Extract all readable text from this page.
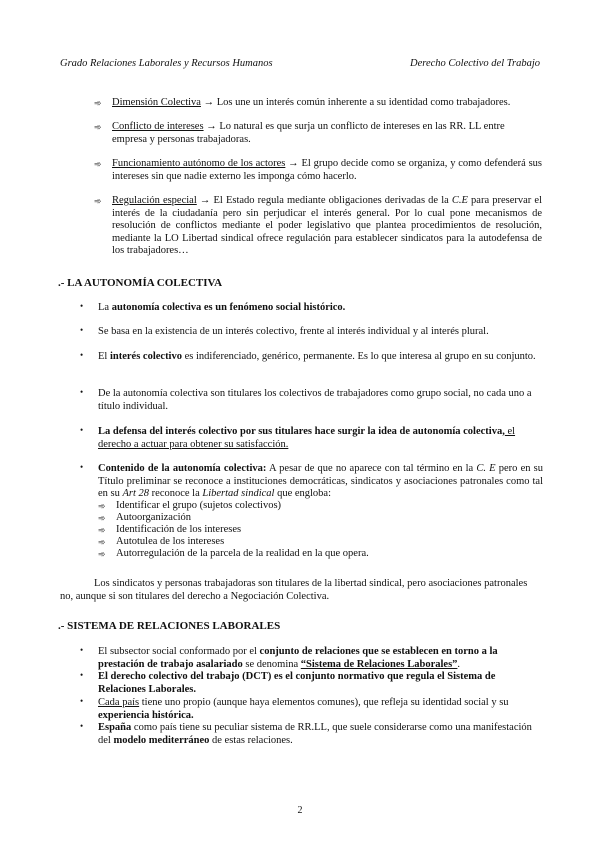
Grado Relaciones Laborales y Recursos Humanos	Derecho Colectivo del Trabajo
➾ Dimensión Colectiva → Los une un interés común inherente a su identidad como trabajadores.
➾ Conflicto de intereses → Lo natural es que surja un conflicto de intereses en las RR. LL entre empresa y personas trabajadoras.
➾ Funcionamiento autónomo de los actores → El grupo decide como se organiza, y como defenderá sus intereses sin que nadie externo les imponga cómo hacerlo.
➾ Regulación especial → El Estado regula mediante obligaciones derivadas de la C.E para preservar el interés de la ciudadanía pero sin perjudicar el interés general. Por lo cual pone mecanismos de resolución de conflictos mediante el poder legislativo que plantea procedimientos de resolución, mediante la LO Libertad sindical ofrece regulación para establecer sindicatos para la autodefensa de los trabajadores…
.- LA AUTONOMÍA COLECTIVA
• La autonomía colectiva es un fenómeno social histórico.
• Se basa en la existencia de un interés colectivo, frente al interés individual y al interés plural.
• El interés colectivo es indiferenciado, genérico, permanente. Es lo que interesa al grupo en su conjunto.
• De la autonomía colectiva son titulares los colectivos de trabajadores como grupo social, no cada uno a título individual.
• La defensa del interés colectivo por sus titulares hace surgir la idea de autonomía colectiva, el derecho a actuar para obtener su satisfacción.
• Contenido de la autonomía colectiva: A pesar de que no aparece con tal término en la C. E pero en su Título preliminar se reconoce a instituciones democráticas, sindicatos y asociaciones patronales como tal en su Art 28 reconoce la Libertad sindical que engloba:
➾ Identificar el grupo (sujetos colectivos)
➾ Autoorganización
➾ Identificación de los intereses
➾ Autotulea de los intereses
➾ Autorregulación de la parcela de la realidad en la que opera.
Los sindicatos y personas trabajadoras son titulares de la libertad sindical, pero asociaciones patronales no, aunque si son titulares del derecho a Negociación Colectiva.
.- SISTEMA DE RELACIONES LABORALES
• El subsector social conformado por el conjunto de relaciones que se establecen en torno a la prestación de trabajo asalariado se denomina “Sistema de Relaciones Laborales”.
• El derecho colectivo del trabajo (DCT) es el conjunto normativo que regula el Sistema de Relaciones Laborales.
• Cada país tiene uno propio (aunque haya elementos comunes), que refleja su identidad social y su experiencia histórica.
• España como país tiene su peculiar sistema de RR.LL, que suele considerarse como una manifestación del modelo mediterráneo de estas relaciones.
2
